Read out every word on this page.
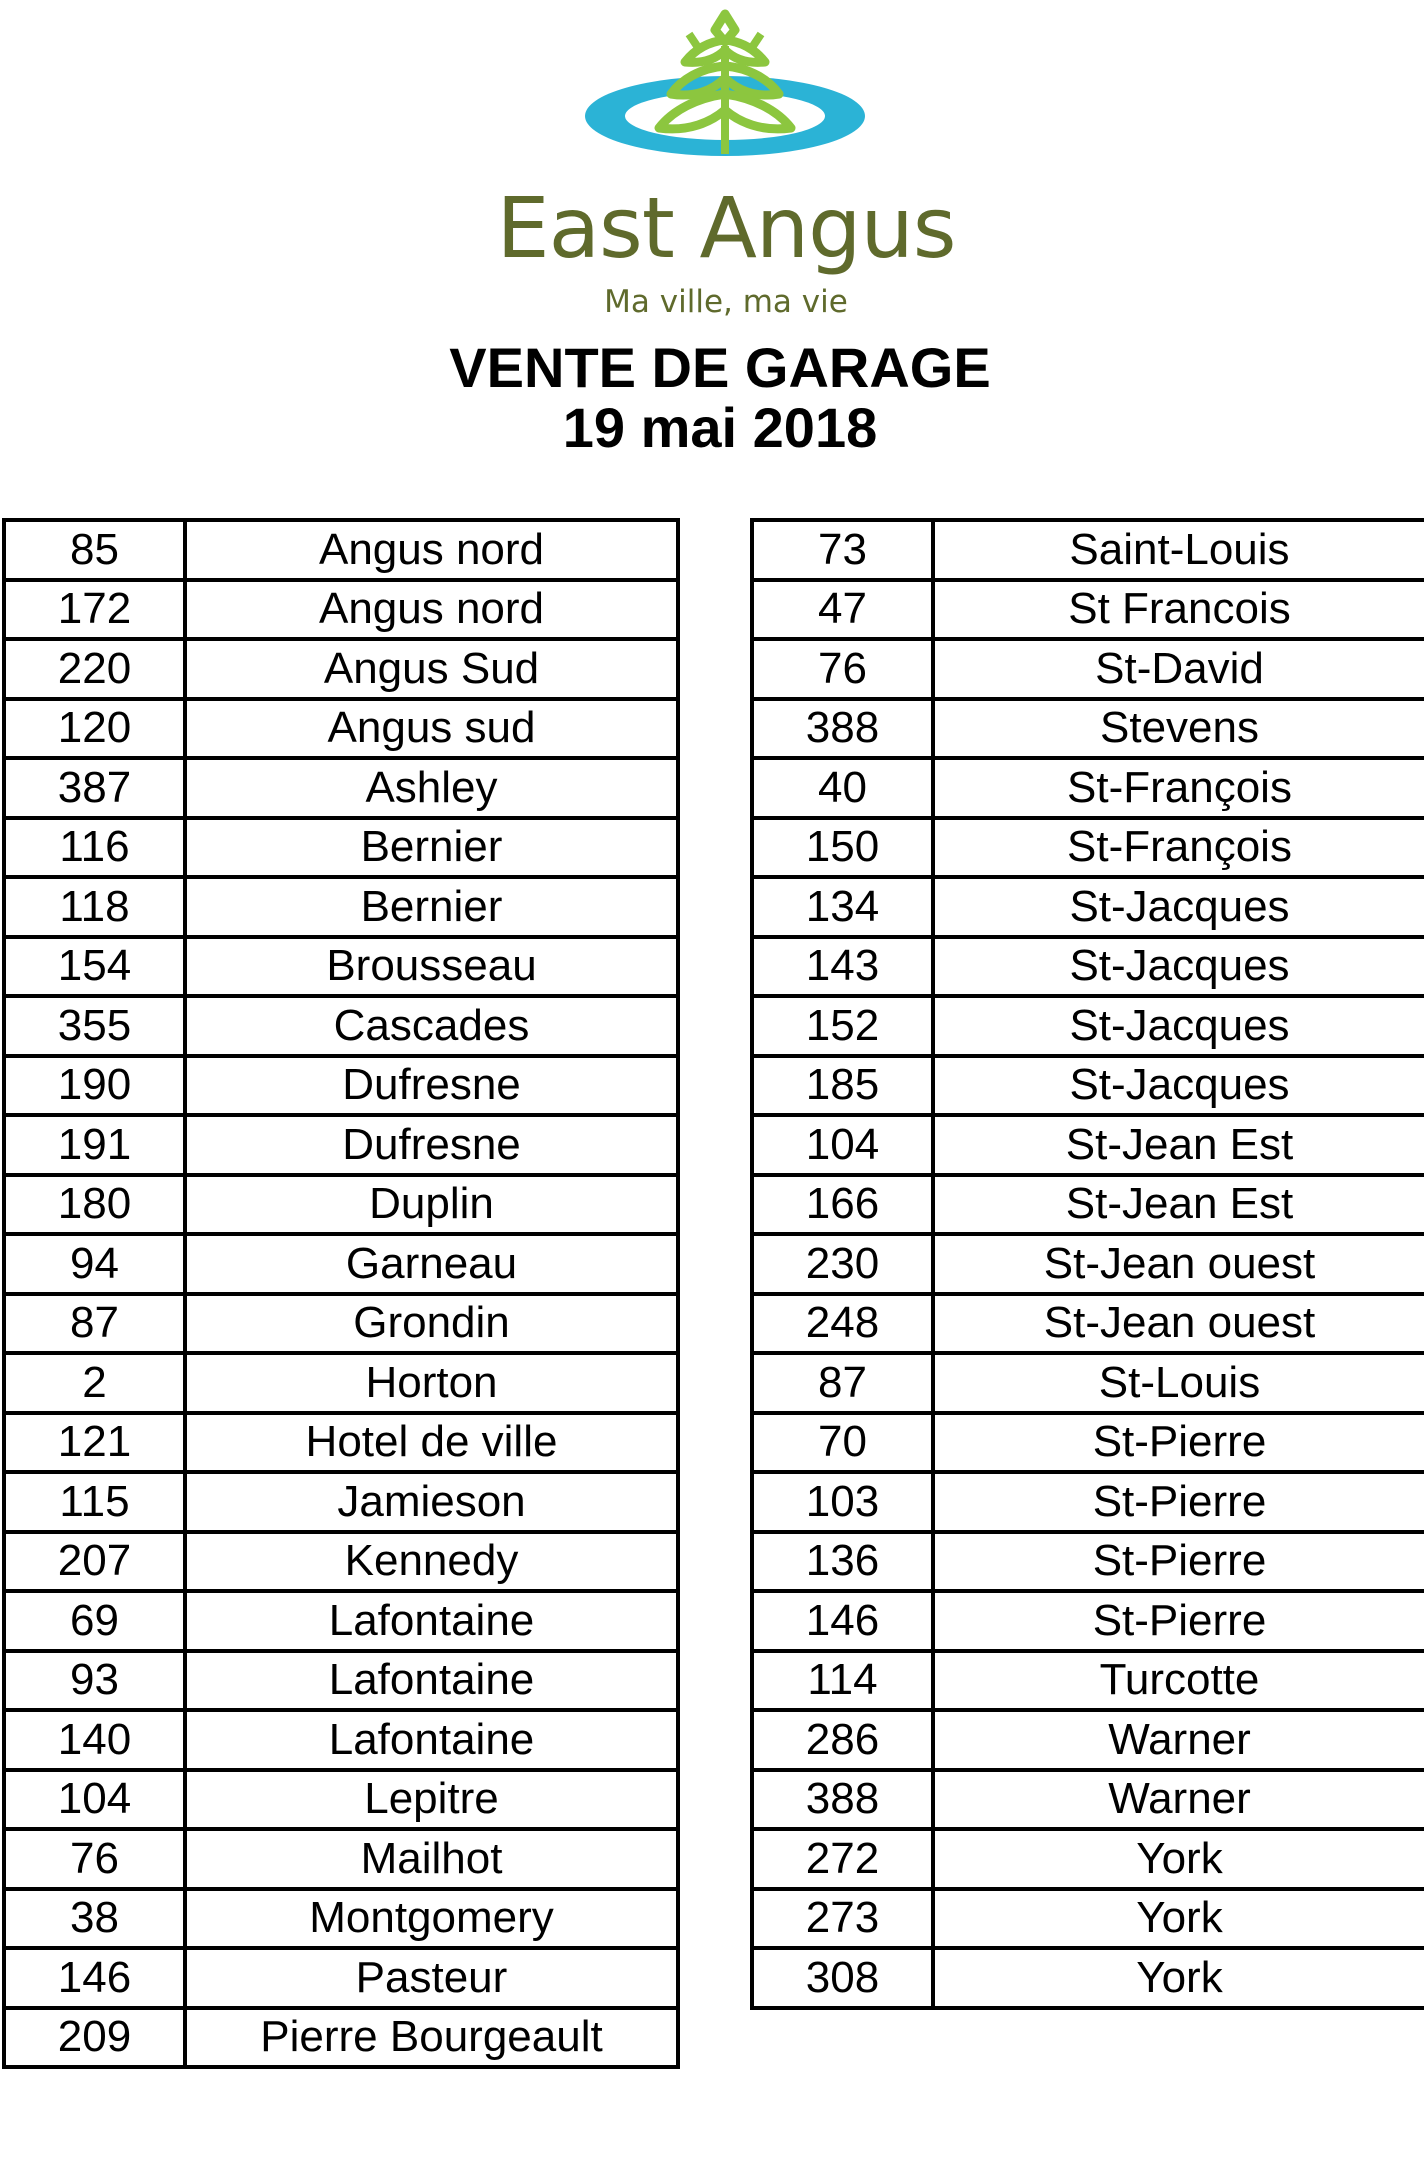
East Angus
Ma ville, ma vie
VENTE DE GARAGE
19 mai 2018
85	Angus nord
172	Angus nord
220	Angus Sud
120	Angus sud
387	Ashley
116	Bernier
118	Bernier
154	Brousseau
355	Cascades
190	Dufresne
191	Dufresne
180	Duplin
94	Garneau
87	Grondin
2	Horton
121	Hotel de ville
115	Jamieson
207	Kennedy
69	Lafontaine
93	Lafontaine
140	Lafontaine
104	Lepitre
76	Mailhot
38	Montgomery
146	Pasteur
209	Pierre Bourgeault
73	Saint-Louis
47	St Francois
76	St-David
388	Stevens
40	St-François
150	St-François
134	St-Jacques
143	St-Jacques
152	St-Jacques
185	St-Jacques
104	St-Jean Est
166	St-Jean Est
230	St-Jean ouest
248	St-Jean ouest
87	St-Louis
70	St-Pierre
103	St-Pierre
136	St-Pierre
146	St-Pierre
114	Turcotte
286	Warner
388	Warner
272	York
273	York
308	York
